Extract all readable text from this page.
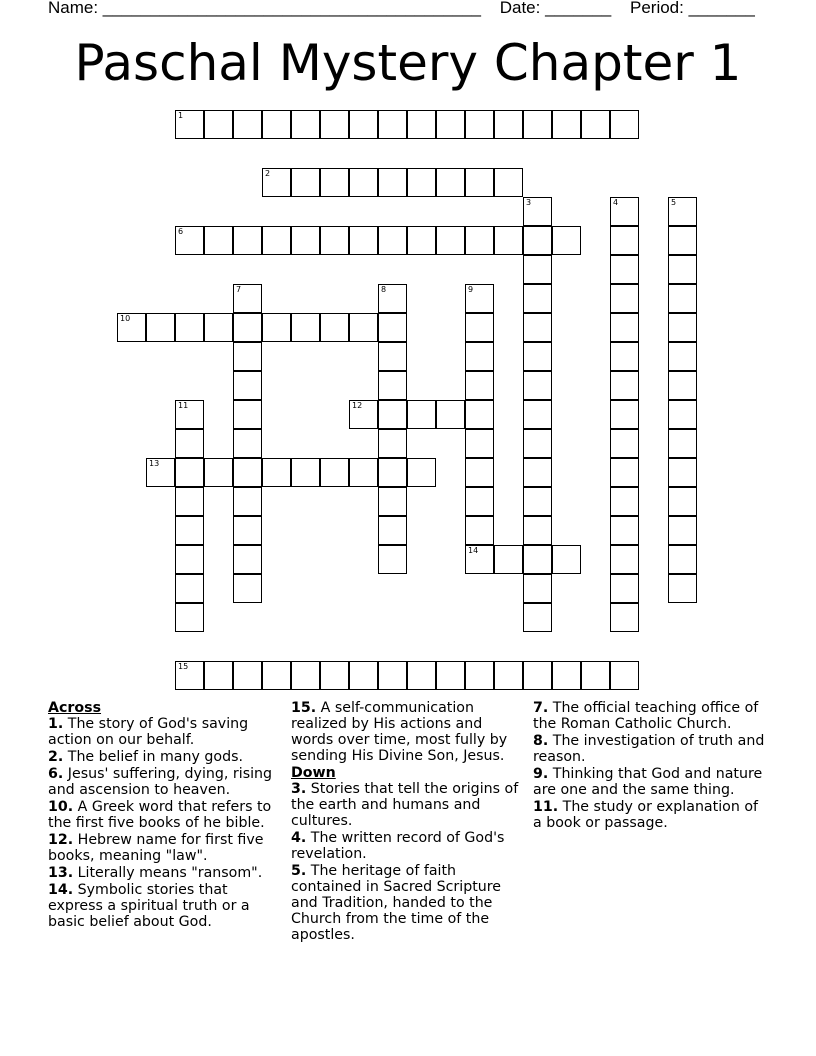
Name: ________________________________________ Date: _______ Period: _______
Paschal Mystery Chapter 1
1
2
3	4	5
6
7	8	9
10
11	12
13
14
15
Across
1. The story of God's saving action on our behalf.
2. The belief in many gods.
6. Jesus' suffering, dying, rising and ascension to heaven.
10. A Greek word that refers to the first five books of he bible.
12. Hebrew name for first five books, meaning "law".
13. Literally means "ransom".
14. Symbolic stories that express a spiritual truth or a basic belief about God.
15. A self-communication realized by His actions and words over time, most fully by sending His Divine Son, Jesus.
Down
3. Stories that tell the origins of the earth and humans and cultures.
4. The written record of God's revelation.
5. The heritage of faith contained in Sacred Scripture and Tradition, handed to the Church from the time of the apostles.
7. The official teaching office of the Roman Catholic Church.
8. The investigation of truth and reason.
9. Thinking that God and nature are one and the same thing.
11. The study or explanation of a book or passage.
